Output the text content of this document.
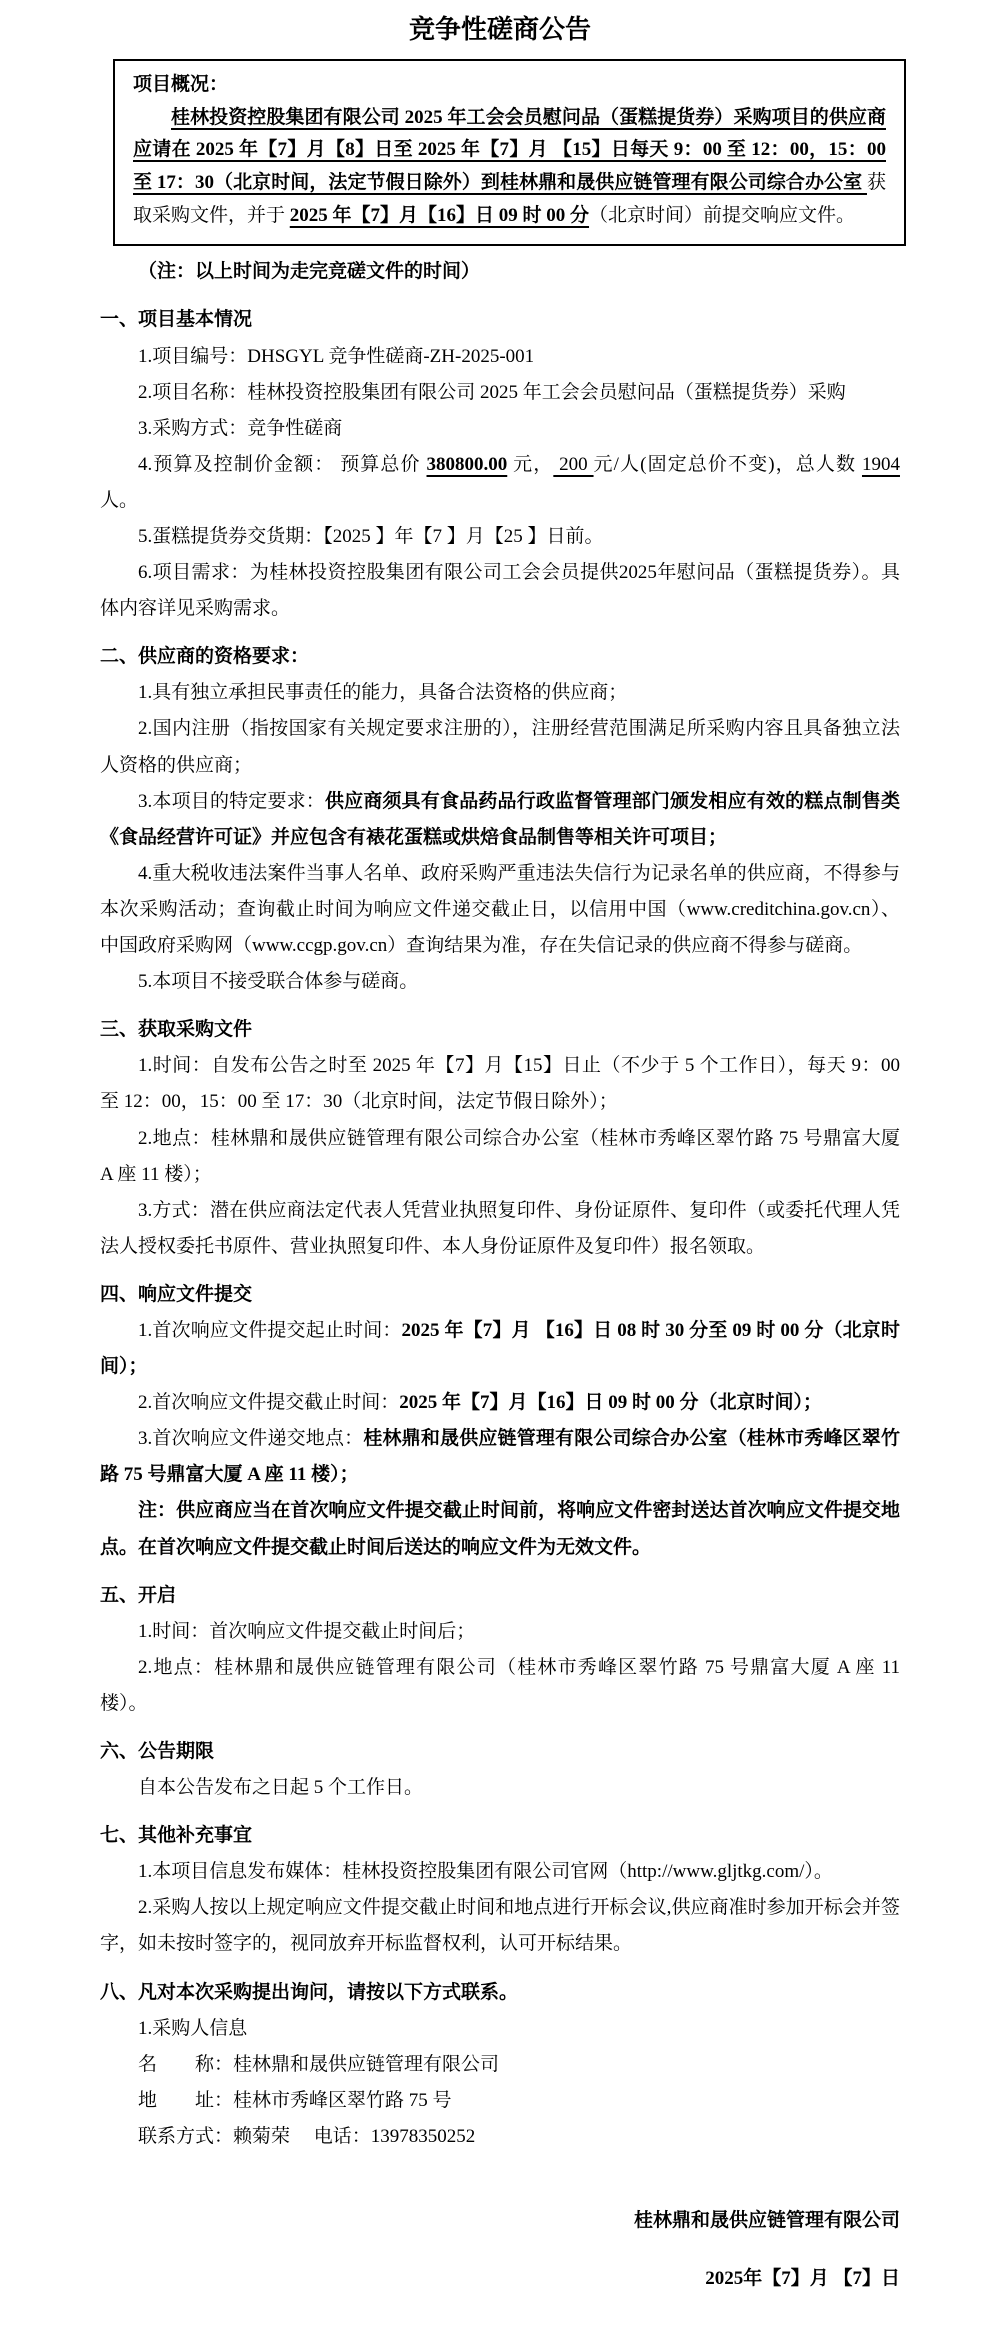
竞争性磋商公告

项目概况：

桂林投资控股集团有限公司 2025 年工会会员慰问品（蛋糕提货券）采购项目的供应商应请在 2025 年【7】月【8】日至 2025 年【7】月 【15】日每天 9：00 至 12：00，15：00 至 17：30（北京时间，法定节假日除外）到桂林鼎和晟供应链管理有限公司综合办公室 获取采购文件，并于 2025 年【7】月【16】日 09 时 00 分（北京时间）前提交响应文件。

（注：以上时间为走完竞磋文件的时间）

一、项目基本情况

1.项目编号：DHSGYL 竞争性磋商-ZH-2025-001

2.项目名称：桂林投资控股集团有限公司 2025 年工会会员慰问品（蛋糕提货券）采购

3.采购方式：竞争性磋商

4.预算及控制价金额： 预算总价 380800.00 元， 200 元/人(固定总价不变)，总人数 1904 人。

5.蛋糕提货券交货期：【2025 】年【7 】月【25 】日前。

6.项目需求：为桂林投资控股集团有限公司工会会员提供2025年慰问品（蛋糕提货券）。具体内容详见采购需求。

二、供应商的资格要求：

1.具有独立承担民事责任的能力，具备合法资格的供应商；

2.国内注册（指按国家有关规定要求注册的），注册经营范围满足所采购内容且具备独立法人资格的供应商；

3.本项目的特定要求：供应商须具有食品药品行政监督管理部门颁发相应有效的糕点制售类《食品经营许可证》并应包含有裱花蛋糕或烘焙食品制售等相关许可项目；

4.重大税收违法案件当事人名单、政府采购严重违法失信行为记录名单的供应商，不得参与本次采购活动；查询截止时间为响应文件递交截止日，以信用中国（www.creditchina.gov.cn）、中国政府采购网（www.ccgp.gov.cn）查询结果为准，存在失信记录的供应商不得参与磋商。

5.本项目不接受联合体参与磋商。

三、获取采购文件

1.时间：自发布公告之时至 2025 年【7】月【15】日止（不少于 5 个工作日），每天 9：00 至 12：00，15：00 至 17：30（北京时间，法定节假日除外）；

2.地点：桂林鼎和晟供应链管理有限公司综合办公室（桂林市秀峰区翠竹路 75 号鼎富大厦 A 座 11 楼）；

3.方式：潜在供应商法定代表人凭营业执照复印件、身份证原件、复印件（或委托代理人凭法人授权委托书原件、营业执照复印件、本人身份证原件及复印件）报名领取。

四、响应文件提交

1.首次响应文件提交起止时间：2025 年【7】月 【16】日 08 时 30 分至 09 时 00 分（北京时间）；

2.首次响应文件提交截止时间：2025 年【7】月【16】日 09 时 00 分（北京时间）；

3.首次响应文件递交地点：桂林鼎和晟供应链管理有限公司综合办公室（桂林市秀峰区翠竹路 75 号鼎富大厦 A 座 11 楼）；

注：供应商应当在首次响应文件提交截止时间前，将响应文件密封送达首次响应文件提交地点。在首次响应文件提交截止时间后送达的响应文件为无效文件。

五、开启

1.时间：首次响应文件提交截止时间后；

2.地点：桂林鼎和晟供应链管理有限公司（桂林市秀峰区翠竹路 75 号鼎富大厦 A 座 11 楼）。

六、公告期限

自本公告发布之日起 5 个工作日。

七、其他补充事宜

1.本项目信息发布媒体：桂林投资控股集团有限公司官网（http://www.gljtkg.com/）。

2.采购人按以上规定响应文件提交截止时间和地点进行开标会议,供应商准时参加开标会并签字，如未按时签字的，视同放弃开标监督权利，认可开标结果。

八、凡对本次采购提出询问，请按以下方式联系。

1.采购人信息

名　　称：桂林鼎和晟供应链管理有限公司

地　　址：桂林市秀峰区翠竹路 75 号

联系方式：赖菊荣　 电话：13978350252

桂林鼎和晟供应链管理有限公司

2025年【7】月 【7】日
